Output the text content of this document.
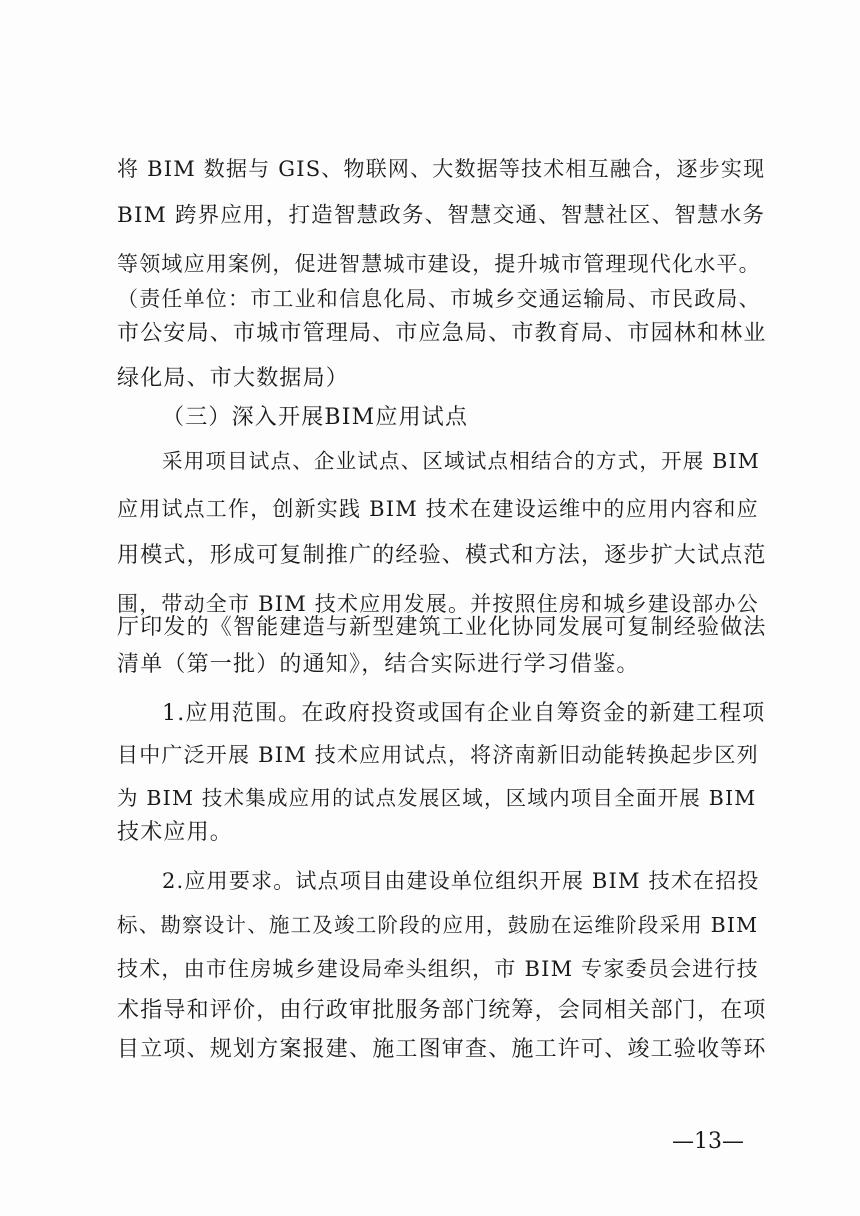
将 BIM 数据与 GIS、物联网、大数据等技术相互融合，逐步实现
BIM 跨界应用，打造智慧政务、智慧交通、智慧社区、智慧水务
等领域应用案例，促进智慧城市建设，提升城市管理现代化水平。
（责任单位：市工业和信息化局、市城乡交通运输局、市民政局、
市公安局、市城市管理局、市应急局、市教育局、市园林和林业
绿化局、市大数据局）
（三）深入开展BIM应用试点
采用项目试点、企业试点、区域试点相结合的方式，开展 BIM
应用试点工作，创新实践 BIM 技术在建设运维中的应用内容和应
用模式，形成可复制推广的经验、模式和方法，逐步扩大试点范
围，带动全市 BIM 技术应用发展。并按照住房和城乡建设部办公
厅印发的《智能建造与新型建筑工业化协同发展可复制经验做法
清单（第一批）的通知》，结合实际进行学习借鉴。
1.应用范围。在政府投资或国有企业自筹资金的新建工程项
目中广泛开展 BIM 技术应用试点，将济南新旧动能转换起步区列
为 BIM 技术集成应用的试点发展区域，区域内项目全面开展 BIM
技术应用。
2.应用要求。试点项目由建设单位组织开展 BIM 技术在招投
标、勘察设计、施工及竣工阶段的应用，鼓励在运维阶段采用 BIM
技术，由市住房城乡建设局牵头组织，市 BIM 专家委员会进行技
术指导和评价，由行政审批服务部门统筹，会同相关部门，在项
目立项、规划方案报建、施工图审查、施工许可、竣工验收等环
—13—
